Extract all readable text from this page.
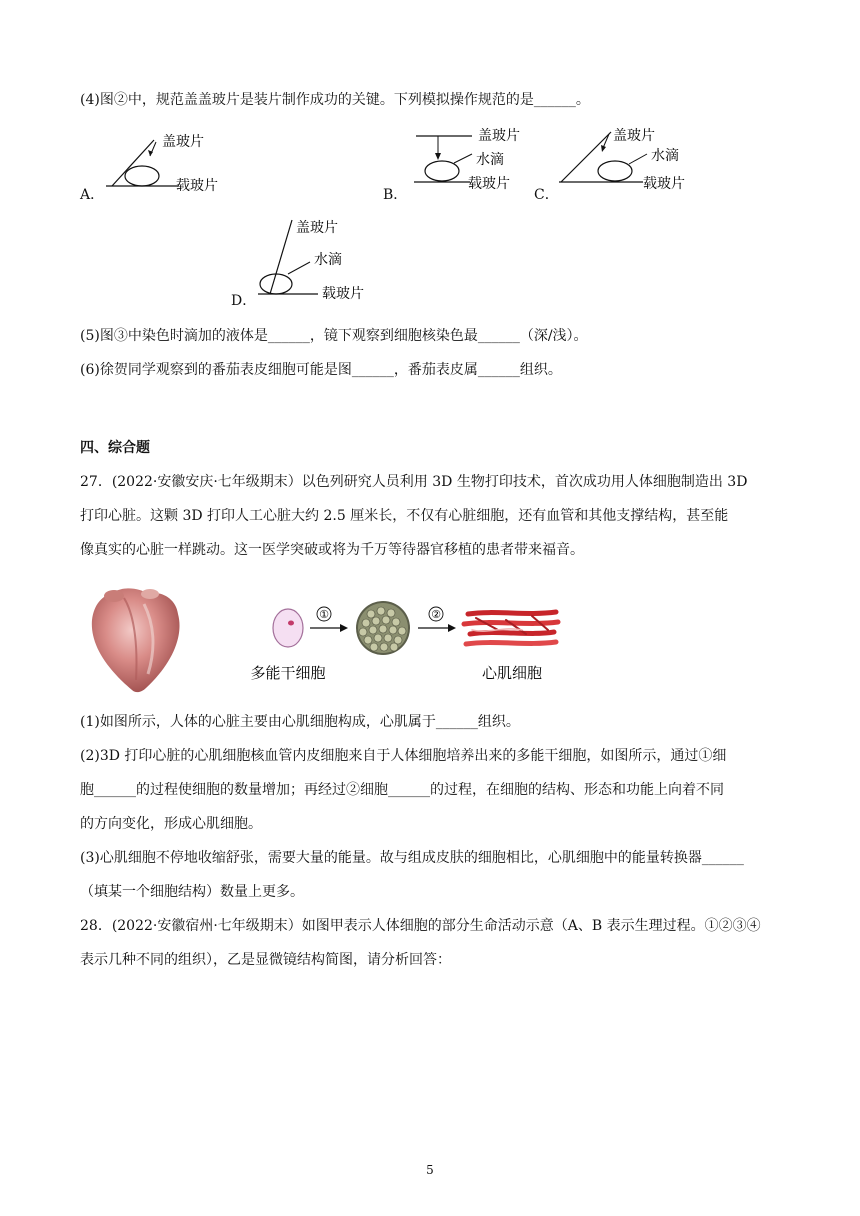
(4)图②中，规范盖盖玻片是装片制作成功的关键。下列模拟操作规范的是______。
A．
盖玻片
载玻片
B．
盖玻片
水滴
载玻片
C．
盖玻片
水滴
载玻片
D．
盖玻片
水滴
载玻片
(5)图③中染色时滴加的液体是______，镜下观察到细胞核染色最______（深/浅）。
(6)徐贺同学观察到的番茄表皮细胞可能是图______，番茄表皮属______组织。
四、综合题
27．(2022·安徽安庆·七年级期末）以色列研究人员利用 3D 生物打印技术，首次成功用人体细胞制造出 3D
打印心脏。这颗 3D 打印人工心脏大约 2.5 厘米长，不仅有心脏细胞，还有血管和其他支撑结构，甚至能
像真实的心脏一样跳动。这一医学突破或将为千万等待器官移植的患者带来福音。
①	②
多能干细胞	心肌细胞
(1)如图所示，人体的心脏主要由心肌细胞构成，心肌属于______组织。
(2)3D 打印心脏的心肌细胞核血管内皮细胞来自于人体细胞培养出来的多能干细胞，如图所示，通过①细
胞______的过程使细胞的数量增加；再经过②细胞______的过程，在细胞的结构、形态和功能上向着不同
的方向变化，形成心肌细胞。
(3)心肌细胞不停地收缩舒张，需要大量的能量。故与组成皮肤的细胞相比，心肌细胞中的能量转换器______
（填某一个细胞结构）数量上更多。
28．(2022·安徽宿州·七年级期末）如图甲表示人体细胞的部分生命活动示意（A、B 表示生理过程。①②③④
表示几种不同的组织），乙是显微镜结构简图，请分析回答：
5
